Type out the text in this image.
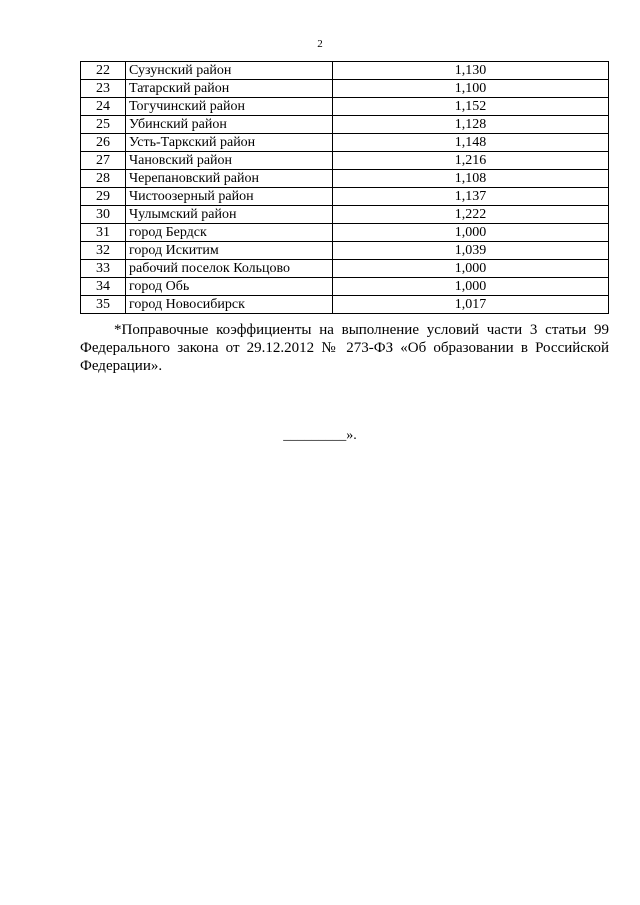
2
22	Сузунский район	1,130
23	Татарский район	1,100
24	Тогучинский район	1,152
25	Убинский район	1,128
26	Усть-Таркский район	1,148
27	Чановский район	1,216
28	Черепановский район	1,108
29	Чистоозерный район	1,137
30	Чулымский район	1,222
31	город Бердск	1,000
32	город Искитим	1,039
33	рабочий поселок Кольцово	1,000
34	город Обь	1,000
35	город Новосибирск	1,017
*Поправочные коэффициенты на выполнение условий части 3 статьи 99 Федерального закона от 29.12.2012 № 273-ФЗ «Об образовании в Российской Федерации».
_________».
